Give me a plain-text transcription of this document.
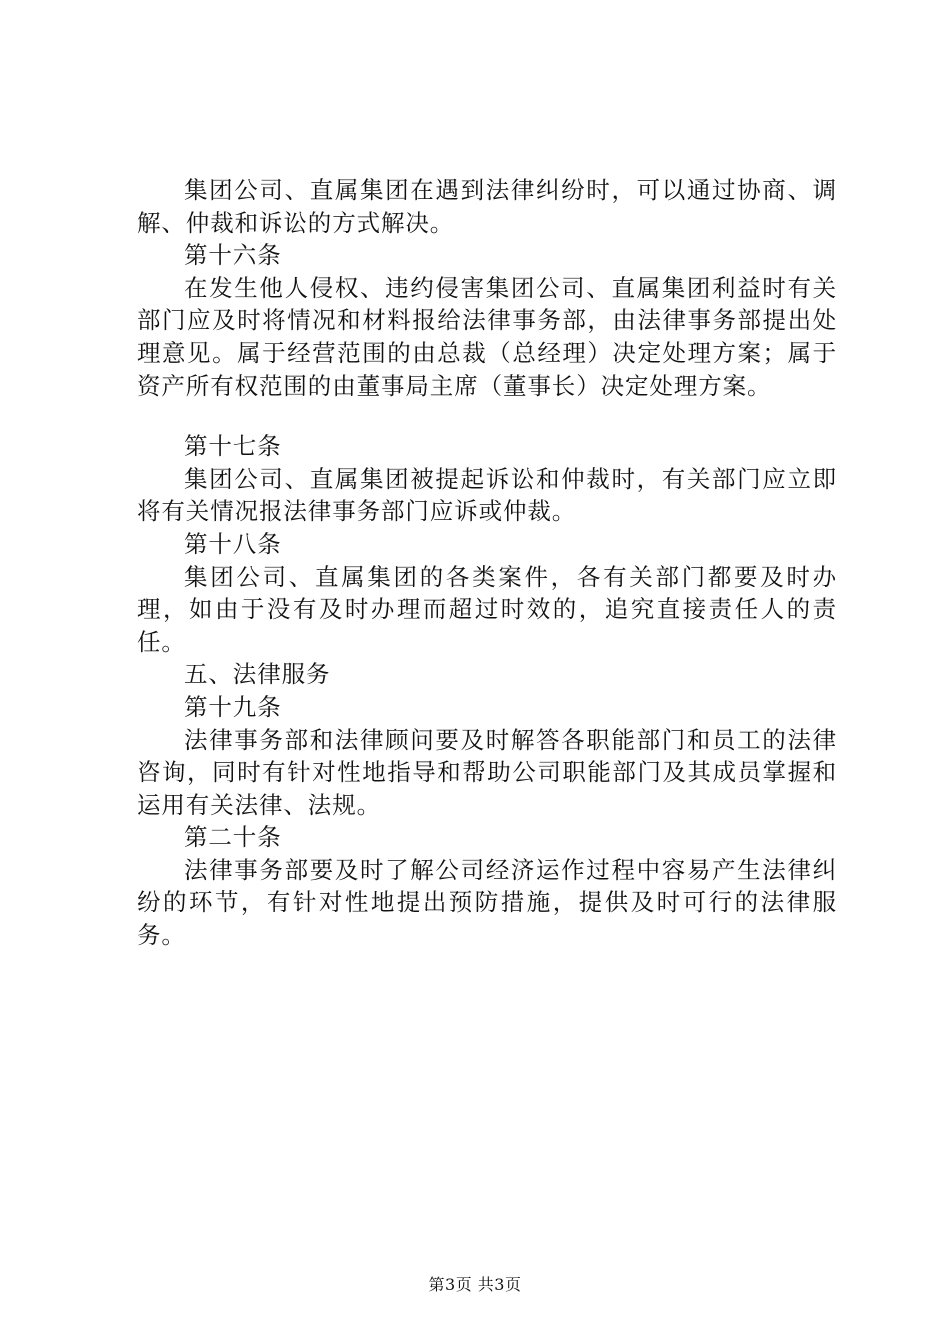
集团公司、直属集团在遇到法律纠纷时，可以通过协商、调解、仲裁和诉讼的方式解决。

第十六条

在发生他人侵权、违约侵害集团公司、直属集团利益时有关部门应及时将情况和材料报给法律事务部，由法律事务部提出处理意见。属于经营范围的由总裁（总经理）决定处理方案；属于资产所有权范围的由董事局主席（董事长）决定处理方案。

第十七条

集团公司、直属集团被提起诉讼和仲裁时，有关部门应立即将有关情况报法律事务部门应诉或仲裁。

第十八条

集团公司、直属集团的各类案件，各有关部门都要及时办理，如由于没有及时办理而超过时效的，追究直接责任人的责任。

五、法律服务

第十九条

法律事务部和法律顾问要及时解答各职能部门和员工的法律咨询，同时有针对性地指导和帮助公司职能部门及其成员掌握和运用有关法律、法规。

第二十条

法律事务部要及时了解公司经济运作过程中容易产生法律纠纷的环节，有针对性地提出预防措施，提供及时可行的法律服务。

第3页 共3页
